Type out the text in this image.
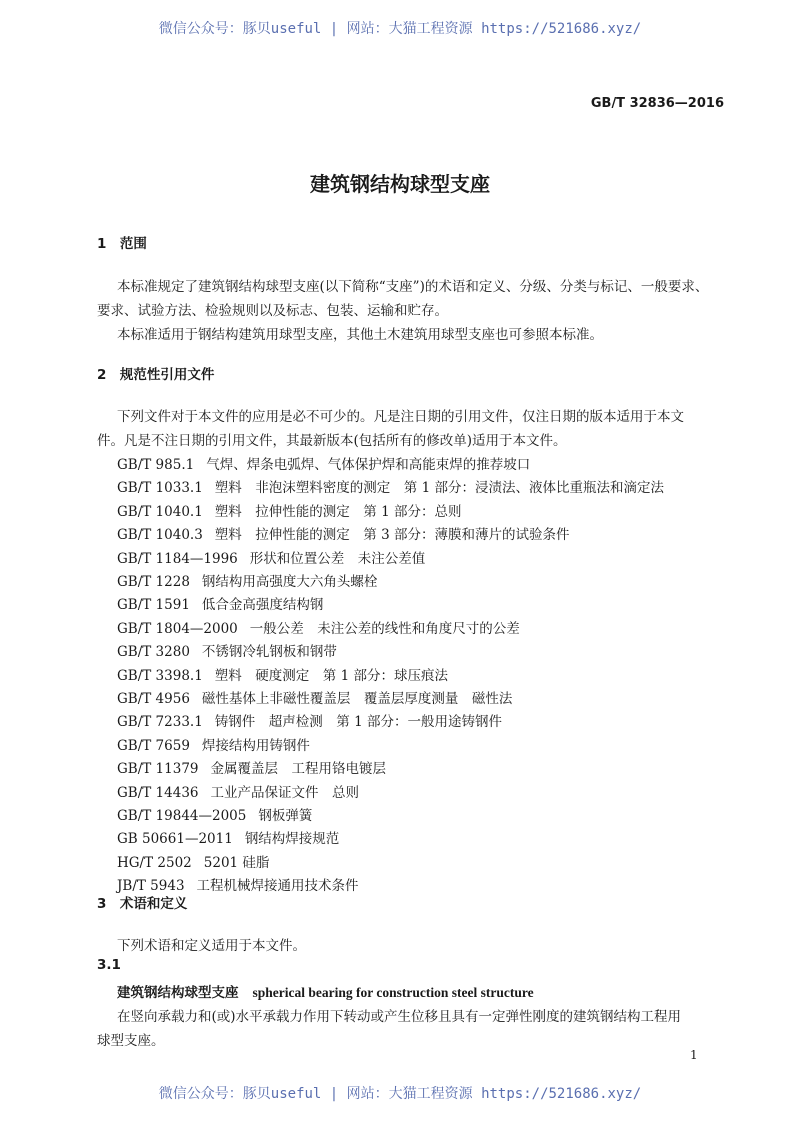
微信公众号：豚贝useful | 网站：大猫工程资源 https://521686.xyz/
GB/T 32836—2016
建筑钢结构球型支座
1　范围
本标准规定了建筑钢结构球型支座(以下简称“支座”)的术语和定义、分级、分类与标记、一般要求、
要求、试验方法、检验规则以及标志、包装、运输和贮存。
本标准适用于钢结构建筑用球型支座，其他土木建筑用球型支座也可参照本标准。
2　规范性引用文件
下列文件对于本文件的应用是必不可少的。凡是注日期的引用文件，仅注日期的版本适用于本文
件。凡是不注日期的引用文件，其最新版本(包括所有的修改单)适用于本文件。
GB/T 985.1 气焊、焊条电弧焊、气体保护焊和高能束焊的推荐坡口
GB/T 1033.1 塑料　非泡沫塑料密度的测定　第 1 部分：浸渍法、液体比重瓶法和滴定法
GB/T 1040.1 塑料　拉伸性能的测定　第 1 部分：总则
GB/T 1040.3 塑料　拉伸性能的测定　第 3 部分：薄膜和薄片的试验条件
GB/T 1184—1996 形状和位置公差　未注公差值
GB/T 1228 钢结构用高强度大六角头螺栓
GB/T 1591 低合金高强度结构钢
GB/T 1804—2000 一般公差　未注公差的线性和角度尺寸的公差
GB/T 3280 不锈钢冷轧钢板和钢带
GB/T 3398.1 塑料　硬度测定　第 1 部分：球压痕法
GB/T 4956 磁性基体上非磁性覆盖层　覆盖层厚度测量　磁性法
GB/T 7233.1 铸钢件　超声检测　第 1 部分：一般用途铸钢件
GB/T 7659 焊接结构用铸钢件
GB/T 11379 金属覆盖层　工程用铬电镀层
GB/T 14436 工业产品保证文件　总则
GB/T 19844—2005 钢板弹簧
GB 50661—2011 钢结构焊接规范
HG/T 2502 5201 硅脂
JB/T 5943 工程机械焊接通用技术条件
3　术语和定义
下列术语和定义适用于本文件。
3.1
建筑钢结构球型支座 spherical bearing for construction steel structure
在竖向承载力和(或)水平承载力作用下转动或产生位移且具有一定弹性刚度的建筑钢结构工程用
球型支座。
1
微信公众号：豚贝useful | 网站：大猫工程资源 https://521686.xyz/
